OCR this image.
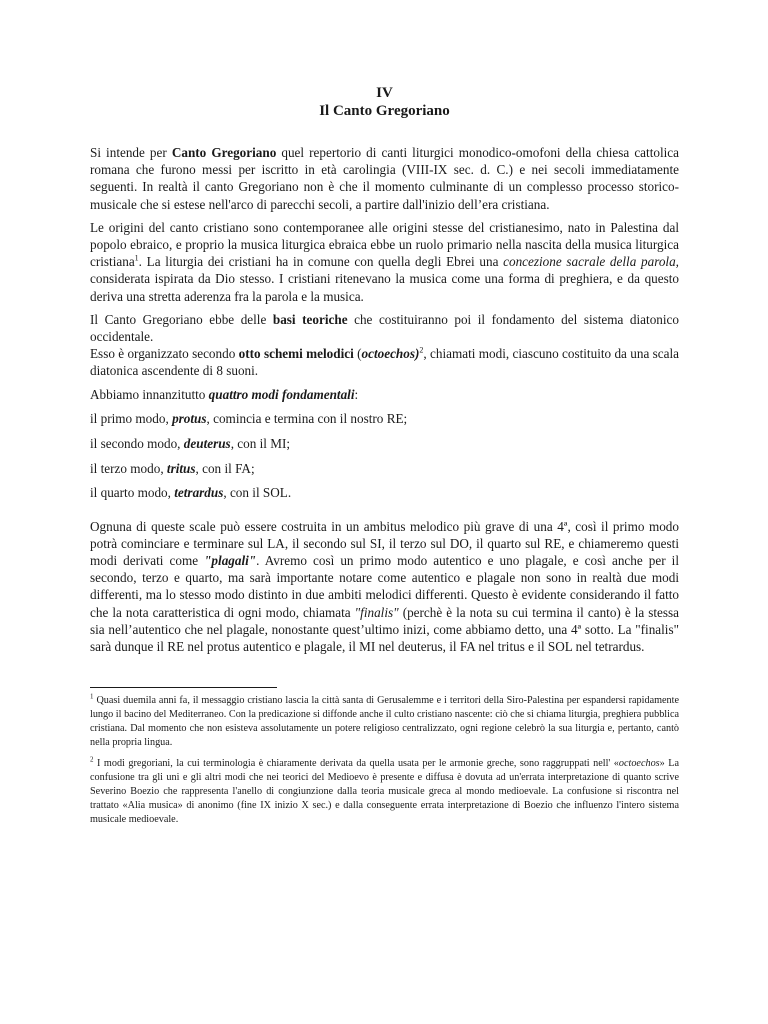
IV
Il Canto Gregoriano

Si intende per Canto Gregoriano quel repertorio di canti liturgici monodico-omofoni della chiesa cattolica romana che furono messi per iscritto in età carolingia (VIII-IX sec. d. C.) e nei secoli immediatamente seguenti. In realtà il canto Gregoriano non è che il momento culminante di un complesso processo storico-musicale che si estese nell'arco di parecchi secoli, a partire dall'inizio dell’era cristiana.

Le origini del canto cristiano sono contemporanee alle origini stesse del cristianesimo, nato in Palestina dal popolo ebraico, e proprio la musica liturgica ebraica ebbe un ruolo primario nella nascita della musica liturgica cristiana$^1$. La liturgia dei cristiani ha in comune con quella degli Ebrei una concezione sacrale della parola, considerata ispirata da Dio stesso. I cristiani ritenevano la musica come una forma di preghiera, e da questo deriva una stretta aderenza fra la parola e la musica.

Il Canto Gregoriano ebbe delle basi teoriche che costituiranno poi il fondamento del sistema diatonico occidentale.

Esso è organizzato secondo otto schemi melodici (octoechos)$^2$, chiamati modi, ciascuno costituito da una scala diatonica ascendente di 8 suoni.

Abbiamo innanzitutto quattro modi fondamentali:

il primo modo, protus, comincia e termina con il nostro RE;

il secondo modo, deuterus, con il MI;

il terzo modo, tritus, con il FA;

il quarto modo, tetrardus, con il SOL.

Ognuna di queste scale può essere costruita in un ambitus melodico più grave di una 4ª, così il primo modo potrà cominciare e terminare sul LA, il secondo sul SI, il terzo sul DO, il quarto sul RE, e chiameremo questi modi derivati come "plagali". Avremo così un primo modo autentico e uno plagale, e così anche per il secondo, terzo e quarto, ma sarà importante notare come autentico e plagale non sono in realtà due modi differenti, ma lo stesso modo distinto in due ambiti melodici differenti. Questo è evidente considerando il fatto che la nota caratteristica di ogni modo, chiamata "finalis" (perchè è la nota su cui termina il canto) è la stessa sia nell’autentico che nel plagale, nonostante quest’ultimo inizi, come abbiamo detto, una 4ª sotto. La "finalis" sarà dunque il RE nel protus autentico e plagale, il MI nel deuterus, il FA nel tritus e il SOL nel tetrardus.

$^1$ Quasi duemila anni fa, il messaggio cristiano lascia la città santa di Gerusalemme e i territori della Siro-Palestina per espandersi rapidamente lungo il bacino del Mediterraneo. Con la predicazione si diffonde anche il culto cristiano nascente: ciò che si chiama liturgia, preghiera pubblica cristiana. Dal momento che non esisteva assolutamente un potere religioso centralizzato, ogni regione celebrò la sua liturgia e, pertanto, cantò nella propria lingua.

$^2$ I modi gregoriani, la cui terminologia è chiaramente derivata da quella usata per le armonie greche, sono raggruppati nell' «octoechos» La confusione tra gli uni e gli altri modi che nei teorici del Medioevo è presente e diffusa è dovuta ad un'errata interpretazione di quanto scrive Severino Boezio che rappresenta l'anello di congiunzione dalla teoria musicale greca al mondo medioevale. La confusione si riscontra nel trattato «Alia musica» di anonimo (fine IX inizio X sec.) e dalla conseguente errata interpretazione di Boezio che influenzo l'intero sistema musicale medioevale.
